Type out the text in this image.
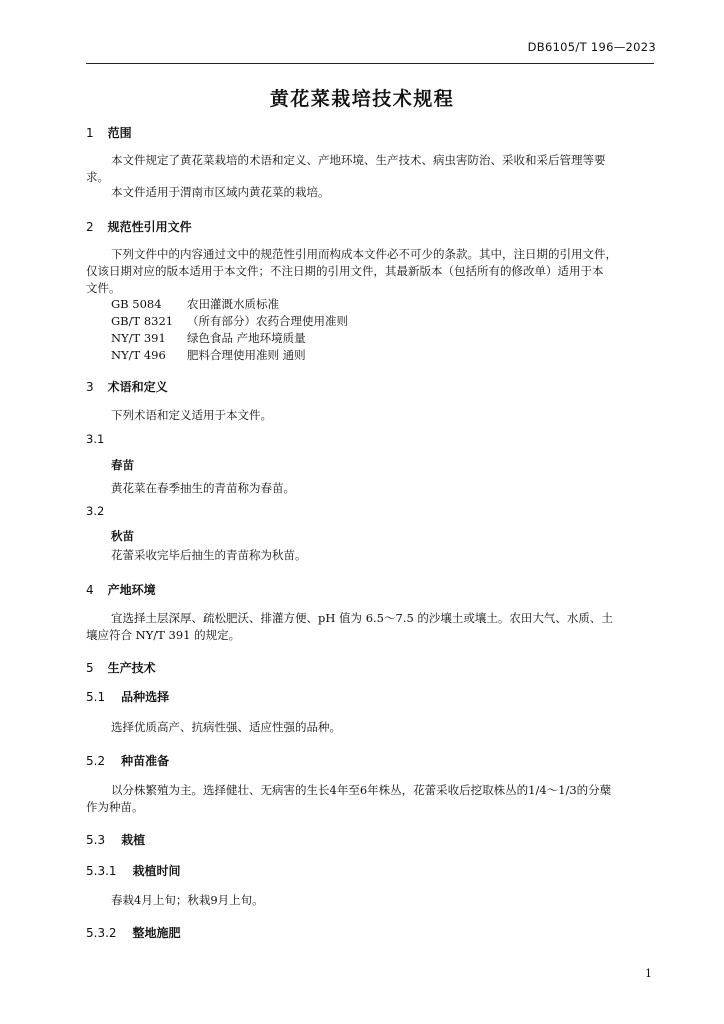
DB6105/T 196—2023
黄花菜栽培技术规程
1 范围
本文件规定了黄花菜栽培的术语和定义、产地环境、生产技术、病虫害防治、采收和采后管理等要
求。
本文件适用于渭南市区域内黄花菜的栽培。
2 规范性引用文件
下列文件中的内容通过文中的规范性引用而构成本文件必不可少的条款。其中，注日期的引用文件，
仅该日期对应的版本适用于本文件；不注日期的引用文件，其最新版本（包括所有的修改单）适用于本
文件。
GB 5084 农田灌溉水质标准
GB/T 8321 （所有部分）农药合理使用准则
NY/T 391 绿色食品 产地环境质量
NY/T 496 肥料合理使用准则 通则
3 术语和定义
下列术语和定义适用于本文件。
3.1
春苗
黄花菜在春季抽生的青苗称为春苗。
3.2
秋苗
花蕾采收完毕后抽生的青苗称为秋苗。
4 产地环境
宜选择土层深厚、疏松肥沃、排灌方便、pH 值为 6.5～7.5 的沙壤土或壤土。农田大气、水质、土
壤应符合 NY/T 391 的规定。
5 生产技术
5.1 品种选择
选择优质高产、抗病性强、适应性强的品种。
5.2 种苗准备
以分株繁殖为主。选择健壮、无病害的生长4年至6年株丛，花蕾采收后挖取株丛的1/4～1/3的分蘖
作为种苗。
5.3 栽植
5.3.1 栽植时间
春栽4月上旬；秋栽9月上旬。
5.3.2 整地施肥
1
